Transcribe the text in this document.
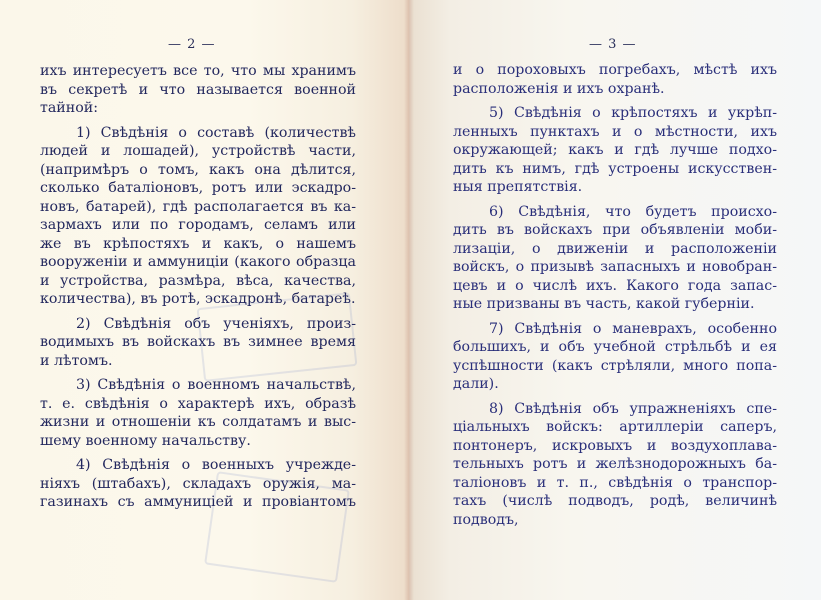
— 2 —
ихъ интересуетъ все то, что мы хранимъ
въ секретѣ и что называется военной
тайной:
1) Свѣдѣнія о составѣ (количествѣ
людей и лошадей), устройствѣ части,
(напримѣръ о томъ, какъ она дѣлится,
сколько баталіоновъ, ротъ или эскадро-
новъ, батарей), гдѣ располагается въ ка-
зармахъ или по городамъ, селамъ или
же въ крѣпостяхъ и какъ, о нашемъ
вооруженіи и аммуниціи (какого образца
и устройства, размѣра, вѣса, качества,
количества), въ ротѣ, эскадронѣ, батареѣ.
2) Свѣдѣнія объ ученіяхъ, произ-
водимыхъ въ войскахъ въ зимнее время
и лѣтомъ.
3) Свѣдѣнія о военномъ начальствѣ,
т. е. свѣдѣнія о характерѣ ихъ, образѣ
жизни и отношеніи къ солдатамъ и выс-
шему военному начальству.
4) Свѣдѣнія о военныхъ учрежде-
ніяхъ (штабахъ), складахъ оружія, ма-
газинахъ съ аммуниціей и провіантомъ
— 3 —
и о пороховыхъ погребахъ, мѣстѣ ихъ
расположенія и ихъ охранѣ.
5) Свѣдѣнія о крѣпостяхъ и укрѣп-
ленныхъ пунктахъ и о мѣстности, ихъ
окружающей; какъ и гдѣ лучше подхо-
дить къ нимъ, гдѣ устроены искусствен-
ныя препятствія.
6) Свѣдѣнія, что будетъ происхо-
дить въ войскахъ при объявленіи моби-
лизаціи, о движеніи и расположеніи
войскъ, о призывѣ запасныхъ и новобран-
цевъ и о числѣ ихъ. Какого года запас-
ные призваны въ часть, какой губерніи.
7) Свѣдѣнія о маневрахъ, особенно
большихъ, и объ учебной стрѣльбѣ и ея
успѣшности (какъ стрѣляли, много попа-
дали).
8) Свѣдѣнія объ упражненіяхъ спе-
ціальныхъ войскъ: артиллеріи саперъ,
понтонеръ, искровыхъ и воздухоплава-
тельныхъ ротъ и желѣзнодорожныхъ ба-
таліоновъ и т. п., свѣдѣнія о транспор-
тахъ (числѣ подводъ, родѣ, величинѣ
подводъ,
